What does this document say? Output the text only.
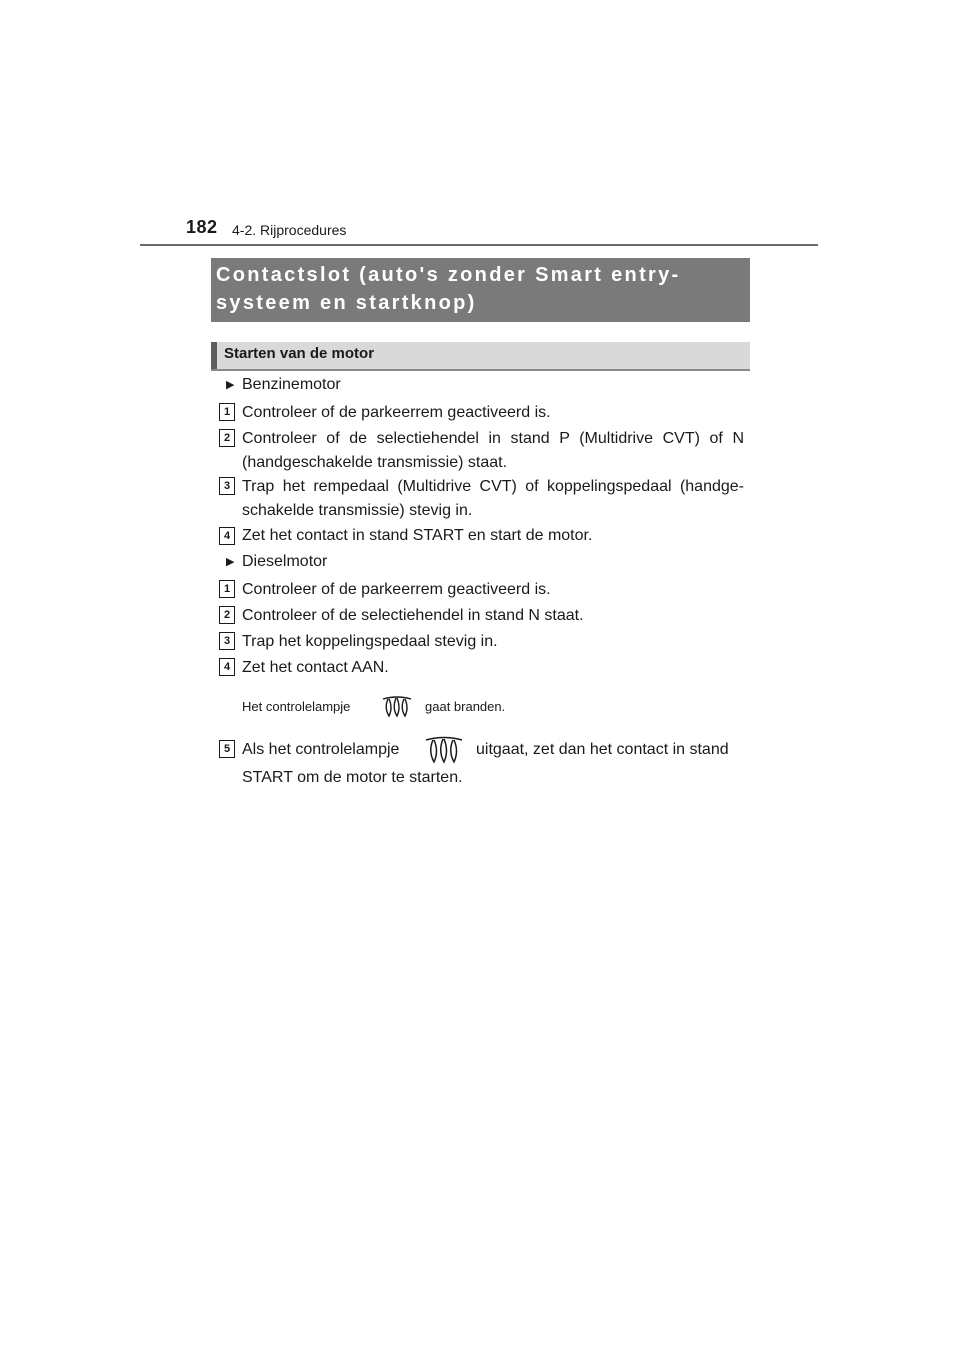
182 4-2. Rijprocedures
Contactslot (auto's zonder Smart entry-
systeem en startknop)
Starten van de motor
▶ Benzinemotor
1 Controleer of de parkeerrem geactiveerd is.
2 Controleer of de selectiehendel in stand P (Multidrive CVT) of N
(handgeschakelde transmissie) staat.
3 Trap het rempedaal (Multidrive CVT) of koppelingspedaal (handge-
schakelde transmissie) stevig in.
4 Zet het contact in stand START en start de motor.
▶ Dieselmotor
1 Controleer of de parkeerrem geactiveerd is.
2 Controleer of de selectiehendel in stand N staat.
3 Trap het koppelingspedaal stevig in.
4 Zet het contact AAN.
Het controlelampje	gaat branden.
5 Als het controlelampje	uitgaat, zet dan het contact in stand
START om de motor te starten.
